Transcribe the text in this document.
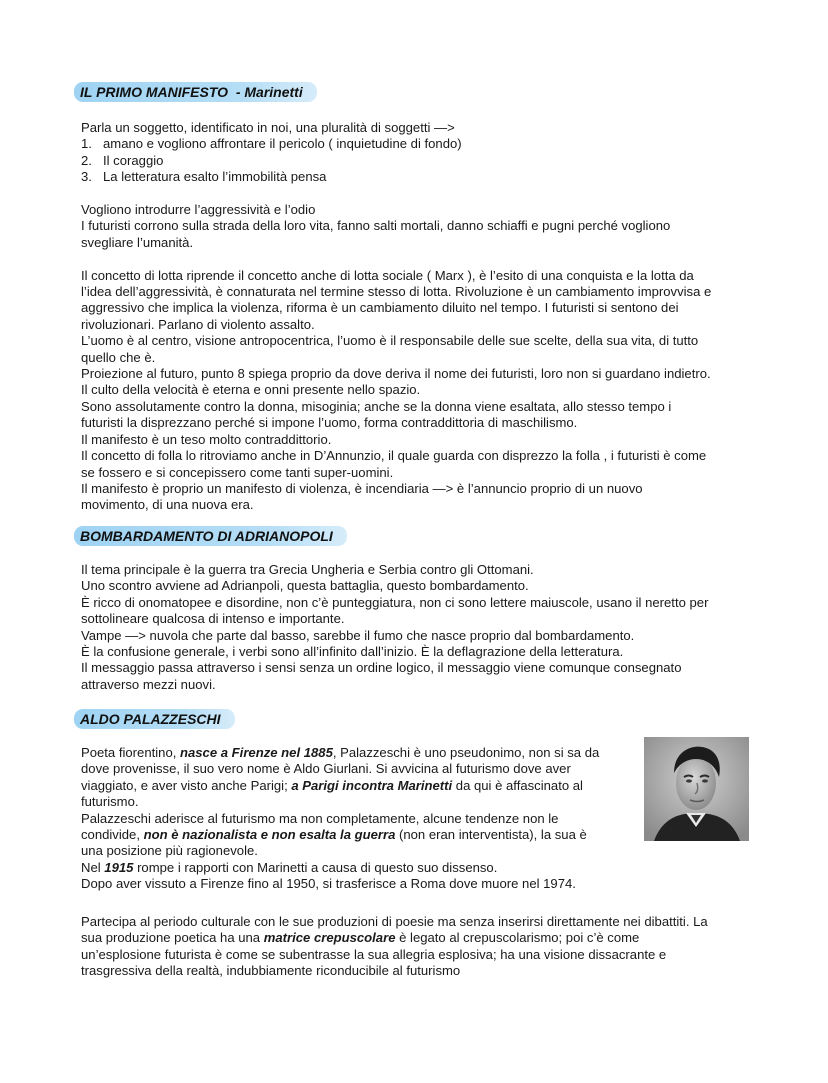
IL PRIMO MANIFESTO  - Marinetti

Parla un soggetto, identificato in noi, una pluralità di soggetti —>

1. amano e vogliono affrontare il pericolo ( inquietudine di fondo)
2. Il coraggio
3. La letteratura esalto l’immobilità pensa

Vogliono introdurre l’aggressività e l’odio

I futuristi corrono sulla strada della loro vita, fanno salti mortali, danno schiaffi e pugni perché vogliono

svegliare l’umanità.

Il concetto di lotta riprende il concetto anche di lotta sociale ( Marx ), è l’esito di una conquista e la lotta da

l’idea dell’aggressività, è connaturata nel termine stesso di lotta. Rivoluzione è un cambiamento improvvisa e

aggressivo che implica la violenza, riforma è un cambiamento diluito nel tempo. I futuristi si sentono dei

rivoluzionari. Parlano di violento assalto.

L’uomo è al centro, visione antropocentrica, l’uomo è il responsabile delle sue scelte, della sua vita, di tutto

quello che è.

Proiezione al futuro, punto 8 spiega proprio da dove deriva il nome dei futuristi, loro non si guardano indietro.

Il culto della velocità è eterna e onni presente nello spazio.

Sono assolutamente contro la donna, misoginia; anche se la donna viene esaltata, allo stesso tempo i

futuristi la disprezzano perché si impone l’uomo, forma contraddittoria di maschilismo.

Il manifesto è un teso molto contraddittorio.

Il concetto di folla lo ritroviamo anche in D’Annunzio, il quale guarda con disprezzo la folla , i futuristi è come

se fossero e si concepissero come tanti super-uomini.

Il manifesto è proprio un manifesto di violenza, è incendiaria —> è l’annuncio proprio di un nuovo

movimento, di una nuova era.

BOMBARDAMENTO DI ADRIANOPOLI

Il tema principale è la guerra tra Grecia Ungheria e Serbia contro gli Ottomani.

Uno scontro avviene ad Adrianpoli, questa battaglia, questo bombardamento.

È ricco di onomatopee e disordine, non c’è punteggiatura, non ci sono lettere maiuscole, usano il neretto per

sottolineare qualcosa di intenso e importante.

Vampe —> nuvola che parte dal basso, sarebbe il fumo che nasce proprio dal bombardamento.

È la confusione generale, i verbi sono all’infinito dall’inizio. È la deflagrazione della letteratura.

Il messaggio passa attraverso i sensi senza un ordine logico, il messaggio viene comunque consegnato

attraverso mezzi nuovi.

ALDO PALAZZESCHI

Poeta fiorentino, nasce a Firenze nel 1885, Palazzeschi è uno pseudonimo, non si sa da

dove provenisse, il suo vero nome è Aldo Giurlani. Si avvicina al futurismo dove aver

viaggiato, e aver visto anche Parigi; a Parigi incontra Marinetti da qui è affascinato al

futurismo.

Palazzeschi aderisce al futurismo ma non completamente, alcune tendenze non le

condivide, non è nazionalista e non esalta la guerra (non eran interventista), la sua è

una posizione più ragionevole.

Nel 1915 rompe i rapporti con Marinetti a causa di questo suo dissenso.

Dopo aver vissuto a Firenze fino al 1950, si trasferisce a Roma dove muore nel 1974.

Partecipa al periodo culturale con le sue produzioni di poesie ma senza inserirsi direttamente nei dibattiti. La

sua produzione poetica ha una matrice crepuscolare è legato al crepuscolarismo; poi c’è come

un’esplosione futurista è come se subentrasse la sua allegria esplosiva; ha una visione dissacrante e

trasgressiva della realtà, indubbiamente riconducibile al futurismo
